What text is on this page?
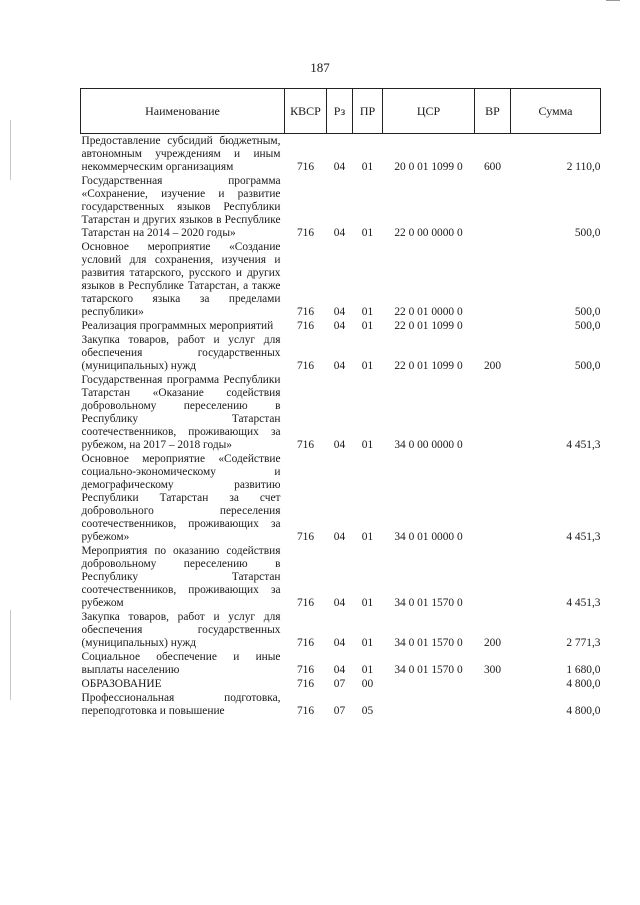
187
Наименование	КВСР	Рз	ПР	ЦСР	ВР	Сумма
Предоставление субсидий бюджетным, автономным учреждениям и иным некоммерческим организациям	716	04	01	20 0 01 1099 0	600	2 110,0
Государственная программа «Сохранение, изучение и развитие государственных языков Республики Татарстан и других языков в Республике Татарстан на 2014 – 2020 годы»	716	04	01	22 0 00 0000 0		500,0
Основное мероприятие «Создание условий для сохранения, изучения и развития татарского, русского и других языков в Республике Татарстан, а также татарского языка за пределами республики»	716	04	01	22 0 01 0000 0		500,0
Реализация программных мероприятий	716	04	01	22 0 01 1099 0		500,0
Закупка товаров, работ и услуг для обеспечения государственных (муниципальных) нужд	716	04	01	22 0 01 1099 0	200	500,0
Государственная программа Республики Татарстан «Оказание содействия добровольному переселению в Республику Татарстан соотечественников, проживающих за рубежом, на 2017 – 2018 годы»	716	04	01	34 0 00 0000 0		4 451,3
Основное мероприятие «Содействие социально-экономическому и демографическому развитию Республики Татарстан за счет добровольного переселения соотечественников, проживающих за рубежом»	716	04	01	34 0 01 0000 0		4 451,3
Мероприятия по оказанию содействия добровольному переселению в Республику Татарстан соотечественников, проживающих за рубежом	716	04	01	34 0 01 1570 0		4 451,3
Закупка товаров, работ и услуг для обеспечения государственных (муниципальных) нужд	716	04	01	34 0 01 1570 0	200	2 771,3
Социальное обеспечение и иные выплаты населению	716	04	01	34 0 01 1570 0	300	1 680,0
ОБРАЗОВАНИЕ	716	07	00			4 800,0
Профессиональная подготовка, переподготовка и повышение	716	07	05			4 800,0
